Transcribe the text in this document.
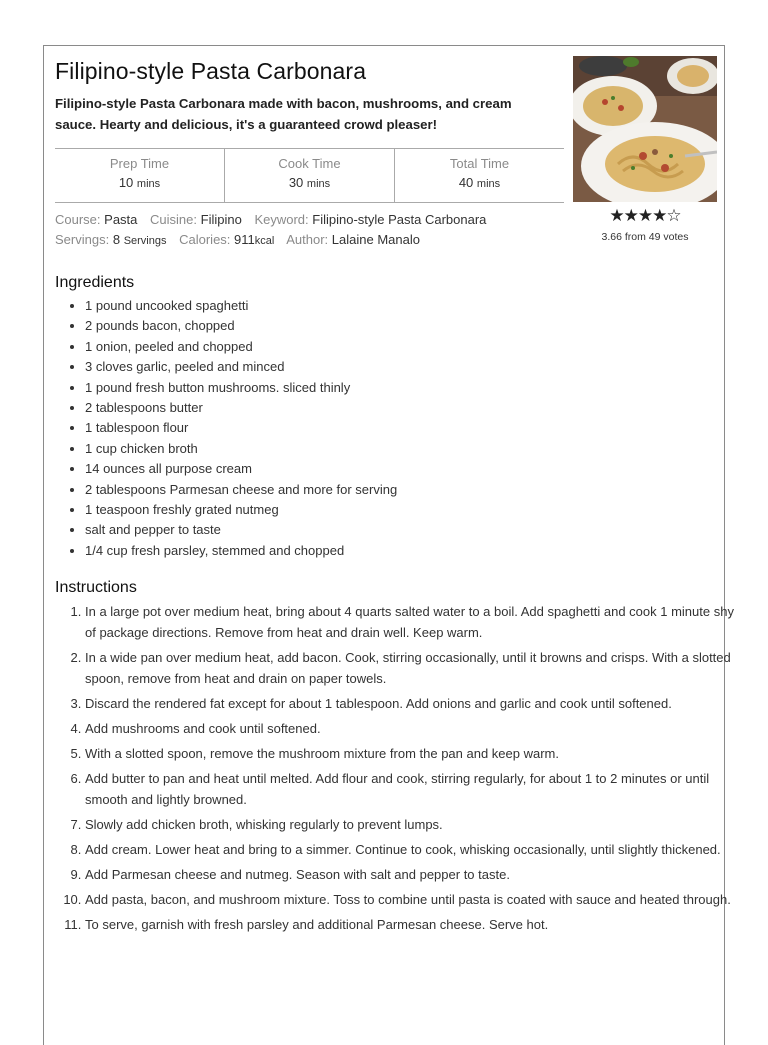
Filipino-style Pasta Carbonara

Filipino-style Pasta Carbonara made with bacon, mushrooms, and cream sauce. Hearty and delicious, it's a guaranteed crowd pleaser!

Prep Time
10 mins
Cook Time
30 mins
Total Time
40 mins
Course: Pasta Cuisine: Filipino Keyword: Filipino-style Pasta Carbonara
Servings: 8 Servings Calories: 911kcal Author: Lalaine Manalo
★★★★☆
3.66 from 49 votes
Ingredients
• 1 pound uncooked spaghetti
• 2 pounds bacon, chopped
• 1 onion, peeled and chopped
• 3 cloves garlic, peeled and minced
• 1 pound fresh button mushrooms. sliced thinly
• 2 tablespoons butter
• 1 tablespoon flour
• 1 cup chicken broth
• 14 ounces all purpose cream
• 2 tablespoons Parmesan cheese and more for serving
• 1 teaspoon freshly grated nutmeg
• salt and pepper to taste
• 1/4 cup fresh parsley, stemmed and chopped
Instructions
1. In a large pot over medium heat, bring about 4 quarts salted water to a boil. Add spaghetti and cook 1 minute shy of package directions. Remove from heat and drain well. Keep warm.
2. In a wide pan over medium heat, add bacon. Cook, stirring occasionally, until it browns and crisps. With a slotted spoon, remove from heat and drain on paper towels.
3. Discard the rendered fat except for about 1 tablespoon. Add onions and garlic and cook until softened.
4. Add mushrooms and cook until softened.
5. With a slotted spoon, remove the mushroom mixture from the pan and keep warm.
6. Add butter to pan and heat until melted. Add flour and cook, stirring regularly, for about 1 to 2 minutes or until smooth and lightly browned.
7. Slowly add chicken broth, whisking regularly to prevent lumps.
8. Add cream. Lower heat and bring to a simmer. Continue to cook, whisking occasionally, until slightly thickened.
9. Add Parmesan cheese and nutmeg. Season with salt and pepper to taste.
10. Add pasta, bacon, and mushroom mixture. Toss to combine until pasta is coated with sauce and heated through.
11. To serve, garnish with fresh parsley and additional Parmesan cheese. Serve hot.
